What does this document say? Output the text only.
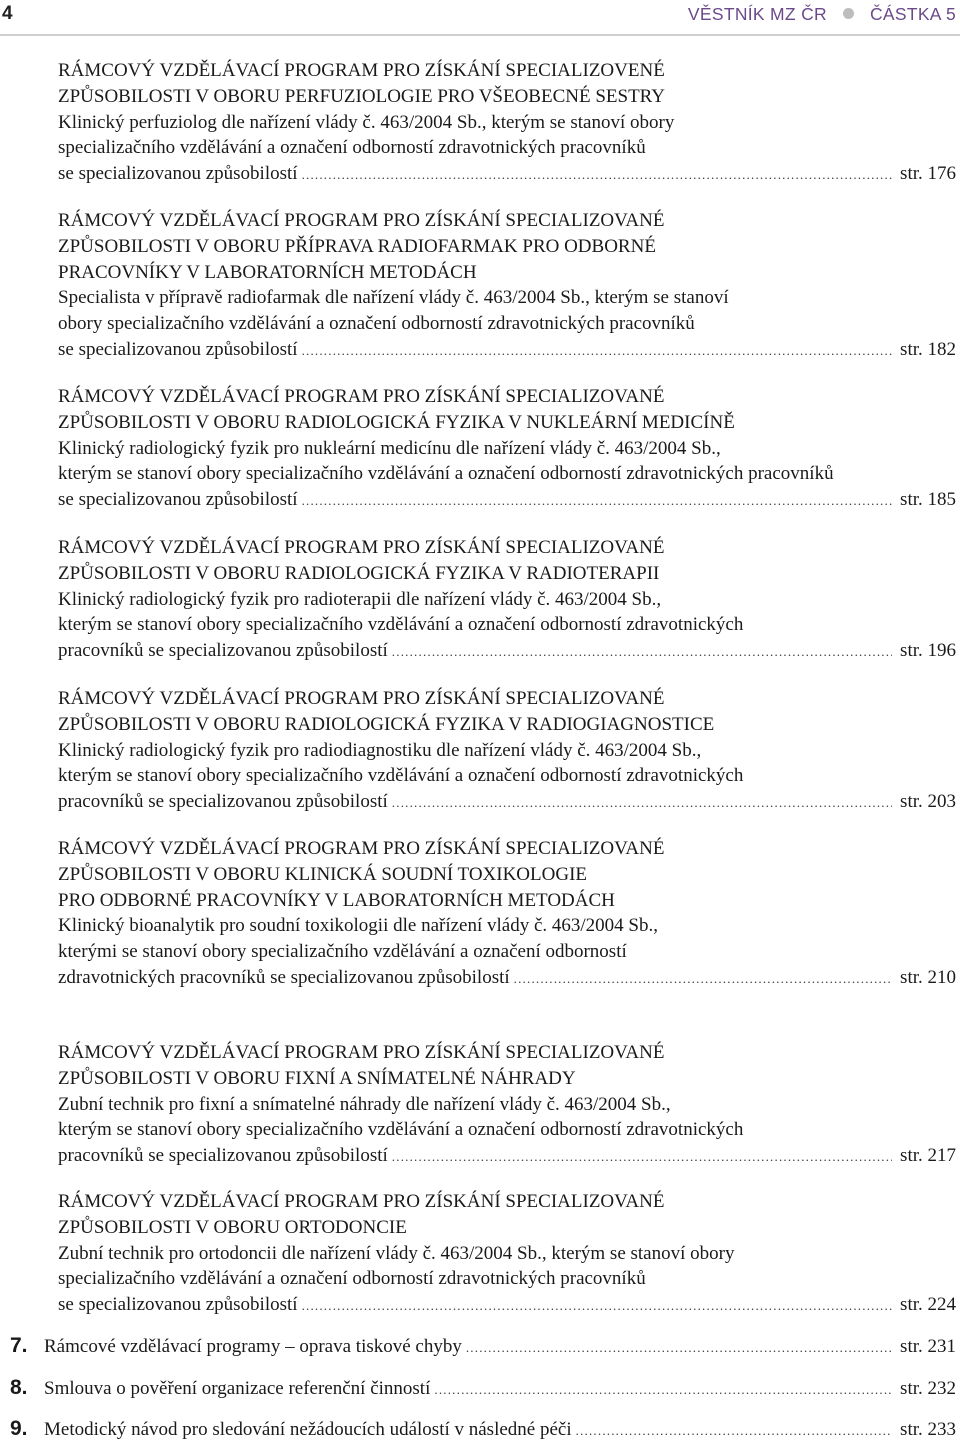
4	VĚSTNÍK MZ ČR ČÁSTKA 5
RÁMCOVÝ VZDĚLÁVACÍ PROGRAM PRO ZÍSKÁNÍ SPECIALIZOVENÉ
ZPŮSOBILOSTI V OBORU PERFUZIOLOGIE PRO VŠEOBECNÉ SESTRY
Klinický perfuziolog dle nařízení vlády č. 463/2004 Sb., kterým se stanoví obory
specializačního vzdělávání a označení odborností zdravotnických pracovníků
se specializovanou způsobilostí .....	str. 176
RÁMCOVÝ VZDĚLÁVACÍ PROGRAM PRO ZÍSKÁNÍ SPECIALIZOVANÉ
ZPŮSOBILOSTI V OBORU PŘÍPRAVA RADIOFARMAK PRO ODBORNÉ
PRACOVNÍKY V LABORATORNÍCH METODÁCH
Specialista v přípravě radiofarmak dle nařízení vlády č. 463/2004 Sb., kterým se stanoví
obory specializačního vzdělávání a označení odborností zdravotnických pracovníků
se specializovanou způsobilostí .....	str. 182
RÁMCOVÝ VZDĚLÁVACÍ PROGRAM PRO ZÍSKÁNÍ SPECIALIZOVANÉ
ZPŮSOBILOSTI V OBORU RADIOLOGICKÁ FYZIKA V NUKLEÁRNÍ MEDICÍNĚ
Klinický radiologický fyzik pro nukleární medicínu dle nařízení vlády č. 463/2004 Sb.,
kterým se stanoví obory specializačního vzdělávání a označení odborností zdravotnických pracovníků
se specializovanou způsobilostí .....	str. 185
RÁMCOVÝ VZDĚLÁVACÍ PROGRAM PRO ZÍSKÁNÍ SPECIALIZOVANÉ
ZPŮSOBILOSTI V OBORU RADIOLOGICKÁ FYZIKA V RADIOTERAPII
Klinický radiologický fyzik pro radioterapii dle nařízení vlády č. 463/2004 Sb.,
kterým se stanoví obory specializačního vzdělávání a označení odborností zdravotnických
pracovníků se specializovanou způsobilostí .....	str. 196
RÁMCOVÝ VZDĚLÁVACÍ PROGRAM PRO ZÍSKÁNÍ SPECIALIZOVANÉ
ZPŮSOBILOSTI V OBORU RADIOLOGICKÁ FYZIKA V RADIOGIAGNOSTICE
Klinický radiologický fyzik pro radiodiagnostiku dle nařízení vlády č. 463/2004 Sb.,
kterým se stanoví obory specializačního vzdělávání a označení odborností zdravotnických
pracovníků se specializovanou způsobilostí .....	str. 203
RÁMCOVÝ VZDĚLÁVACÍ PROGRAM PRO ZÍSKÁNÍ SPECIALIZOVANÉ
ZPŮSOBILOSTI V OBORU KLINICKÁ SOUDNÍ TOXIKOLOGIE
PRO ODBORNÉ PRACOVNÍKY V LABORATORNÍCH METODÁCH
Klinický bioanalytik pro soudní toxikologii dle nařízení vlády č. 463/2004 Sb.,
kterými se stanoví obory specializačního vzdělávání a označení odborností
zdravotnických pracovníků se specializovanou způsobilostí .....	str. 210
RÁMCOVÝ VZDĚLÁVACÍ PROGRAM PRO ZÍSKÁNÍ SPECIALIZOVANÉ
ZPŮSOBILOSTI V OBORU FIXNÍ A SNÍMATELNÉ NÁHRADY
Zubní technik pro fixní a snímatelné náhrady dle nařízení vlády č. 463/2004 Sb.,
kterým se stanoví obory specializačního vzdělávání a označení odborností zdravotnických
pracovníků se specializovanou způsobilostí .....	str. 217
RÁMCOVÝ VZDĚLÁVACÍ PROGRAM PRO ZÍSKÁNÍ SPECIALIZOVANÉ
ZPŮSOBILOSTI V OBORU ORTODONCIE
Zubní technik pro ortodoncii dle nařízení vlády č. 463/2004 Sb., kterým se stanoví obory
specializačního vzdělávání a označení odborností zdravotnických pracovníků
se specializovanou způsobilostí .....	str. 224
7. Rámcové vzdělávací programy – oprava tiskové chyby .....	str. 231
8. Smlouva o pověření organizace referenční činností .....	str. 232
9. Metodický návod pro sledování nežádoucích událostí v následné péči .....	str. 233
